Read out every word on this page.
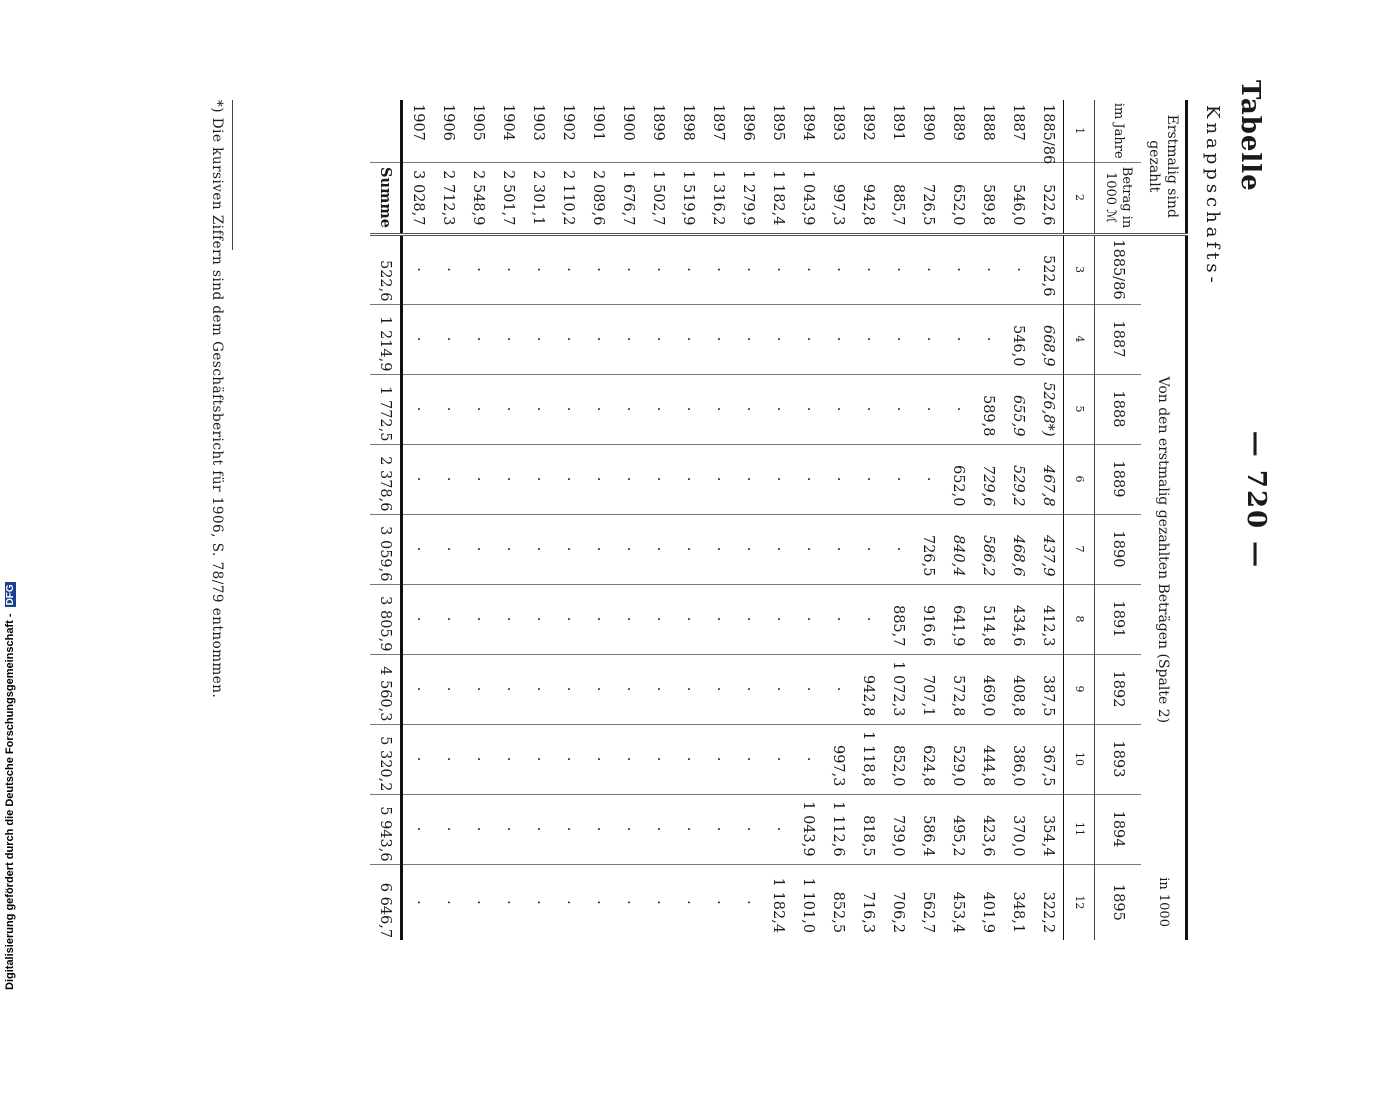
Digitalisierung gefördert durch die Deutsche Forschungsgemeinschaft - DFG
— 720 —
Tabelle
Knappschafts-
Erstmalig sind gezahlt		Von den erstmalig gezahlten Beträgen (Spalte 2)									in 1000
im Jahre	Betrag in 1000 ℳ	1885/86	1887	1888	1889	1890	1891	1892	1893	1894	1895
1	2	3	4	5	6	7	8	9	10	11	12
1885/86	522,6	522,6	668,9	526,8*)	467,8	437,9	412,3	387,5	367,5	354,4	322,2
1887	546,0	·	546,0	655,9	529,2	468,6	434,6	408,8	386,0	370,0	348,1
1888	589,8	·	·	589,8	729,6	586,2	514,8	469,0	444,8	423,6	401,9
1889	652,0	·	·	·	652,0	840,4	641,9	572,8	529,0	495,2	453,4
1890	726,5	·	·	·	·	726,5	916,6	707,1	624,8	586,4	562,7
1891	885,7	·	·	·	·	·	885,7	1 072,3	852,0	739,0	706,2
1892	942,8	·	·	·	·	·	·	942,8	1 118,8	818,5	716,3
1893	997,3	·	·	·	·	·	·	·	997,3	1 112,6	852,5
1894	1 043,9	·	·	·	·	·	·	·	·	1 043,9	1 101,0
1895	1 182,4	·	·	·	·	·	·	·	·	·	1 182,4
1896	1 279,9	·	·	·	·	·	·	·	·	·	·
1897	1 316,2	·	·	·	·	·	·	·	·	·	·
1898	1 519,9	·	·	·	·	·	·	·	·	·	·
1899	1 502,7	·	·	·	·	·	·	·	·	·	·
1900	1 676,7	·	·	·	·	·	·	·	·	·	·
1901	2 089,6	·	·	·	·	·	·	·	·	·	·
1902	2 110,2	·	·	·	·	·	·	·	·	·	·
1903	2 301,1	·	·	·	·	·	·	·	·	·	·
1904	2 501,7	·	·	·	·	·	·	·	·	·	·
1905	2 548,9	·	·	·	·	·	·	·	·	·	·
1906	2 712,3	·	·	·	·	·	·	·	·	·	·
1907	3 028,7	·	·	·	·	·	·	·	·	·	·
	Summe	522,6	1 214,9	1 772,5	2 378,6	3 059,6	3 805,9	4 560,3	5 320,2	5 943,6	6 646,7
*) Die kursiven Ziffern sind dem Geschäftsbericht für 1906, S. 78/79 entnommen.
